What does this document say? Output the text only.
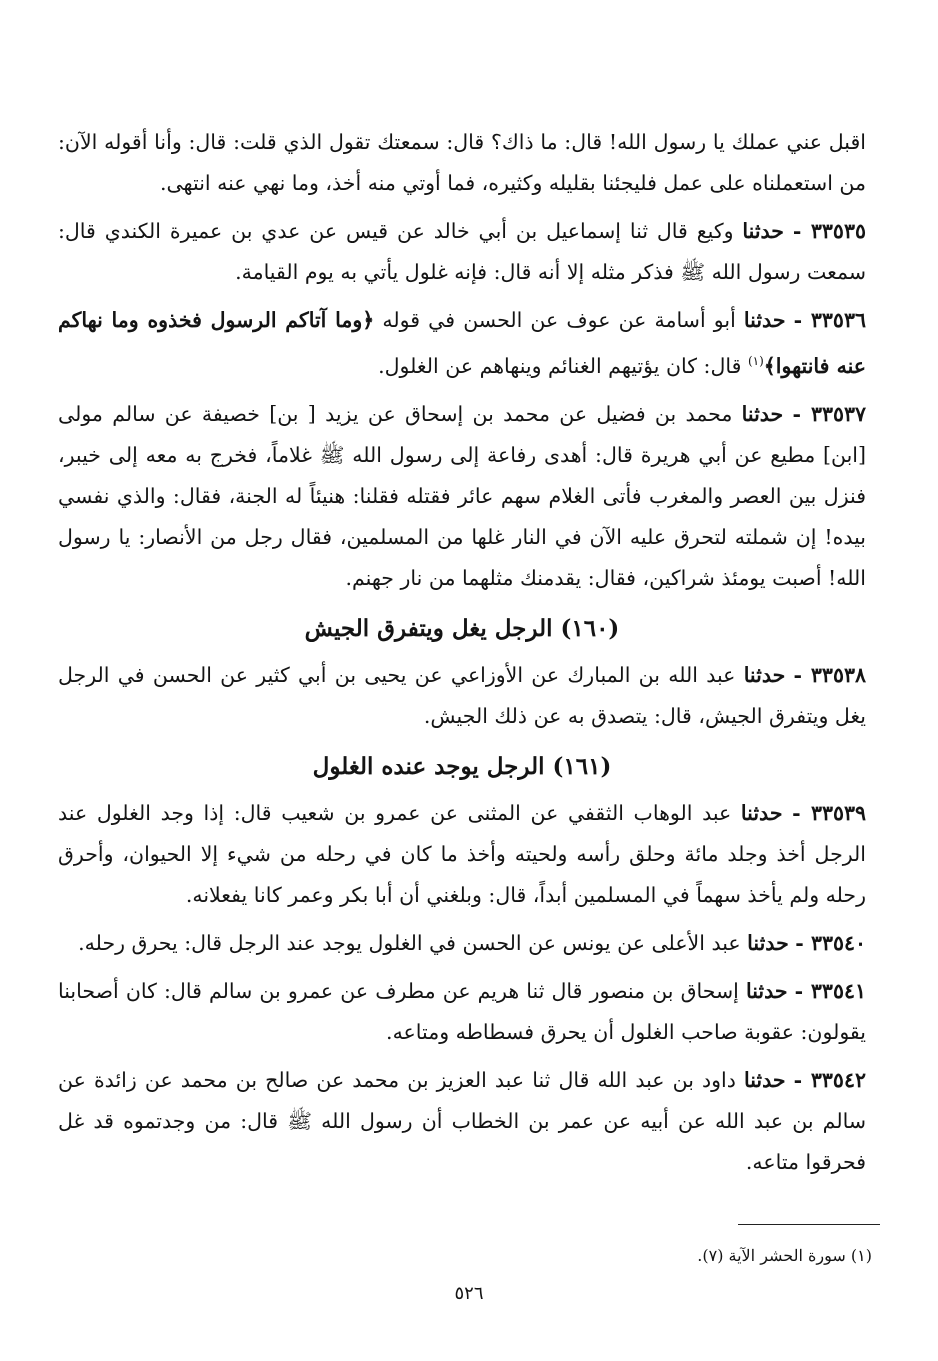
اقبل عني عملك يا رسول الله! قال: ما ذاك؟ قال: سمعتك تقول الذي قلت: قال: وأنا أقوله الآن: من استعملناه على عمل فليجئنا بقليله وكثيره، فما أوتي منه أخذ، وما نهي عنه انتهى.

٣٣٥٣٥ - حدثنا وكيع قال ثنا إسماعيل بن أبي خالد عن قيس عن عدي بن عميرة الكندي قال: سمعت رسول الله ﷺ فذكر مثله إلا أنه قال: فإنه غلول يأتي به يوم القيامة.

٣٣٥٣٦ - حدثنا أبو أسامة عن عوف عن الحسن في قوله ﴿وما آتاكم الرسول فخذوه وما نهاكم عنه فانتهوا﴾$^{(١)}$ قال: كان يؤتيهم الغنائم وينهاهم عن الغلول.

٣٣٥٣٧ - حدثنا محمد بن فضيل عن محمد بن إسحاق عن يزيد [ بن] خصيفة عن سالم مولى [ابن] مطيع عن أبي هريرة قال: أهدى رفاعة إلى رسول الله ﷺ غلاماً، فخرج به معه إلى خيبر، فنزل بين العصر والمغرب فأتى الغلام سهم عائر فقتله فقلنا: هنيئاً له الجنة، فقال: والذي نفسي بيده! إن شملته لتحرق عليه الآن في النار غلها من المسلمين، فقال رجل من الأنصار: يا رسول الله! أصبت يومئذ شراكين، فقال: يقدمنك مثلهما من نار جهنم.

(١٦٠) الرجل يغل ويتفرق الجيش

٣٣٥٣٨ - حدثنا عبد الله بن المبارك عن الأوزاعي عن يحيى بن أبي كثير عن الحسن في الرجل يغل ويتفرق الجيش، قال: يتصدق به عن ذلك الجيش.

(١٦١) الرجل يوجد عنده الغلول

٣٣٥٣٩ - حدثنا عبد الوهاب الثقفي عن المثنى عن عمرو بن شعيب قال: إذا وجد الغلول عند الرجل أخذ وجلد مائة وحلق رأسه ولحيته وأخذ ما كان في رحله من شيء إلا الحيوان، وأحرق رحله ولم يأخذ سهماً في المسلمين أبداً، قال: وبلغني أن أبا بكر وعمر كانا يفعلانه.

٣٣٥٤٠ - حدثنا عبد الأعلى عن يونس عن الحسن في الغلول يوجد عند الرجل قال: يحرق رحله.

٣٣٥٤١ - حدثنا إسحاق بن منصور قال ثنا هريم عن مطرف عن عمرو بن سالم قال: كان أصحابنا يقولون: عقوبة صاحب الغلول أن يحرق فسطاطه ومتاعه.

٣٣٥٤٢ - حدثنا داود بن عبد الله قال ثنا عبد العزيز بن محمد عن صالح بن محمد عن زائدة عن سالم بن عبد الله عن أبيه عن عمر بن الخطاب أن رسول الله ﷺ قال: من وجدتموه قد غل فحرقوا متاعه.

(١) سورة الحشر الآية (٧).
٥٢٦
